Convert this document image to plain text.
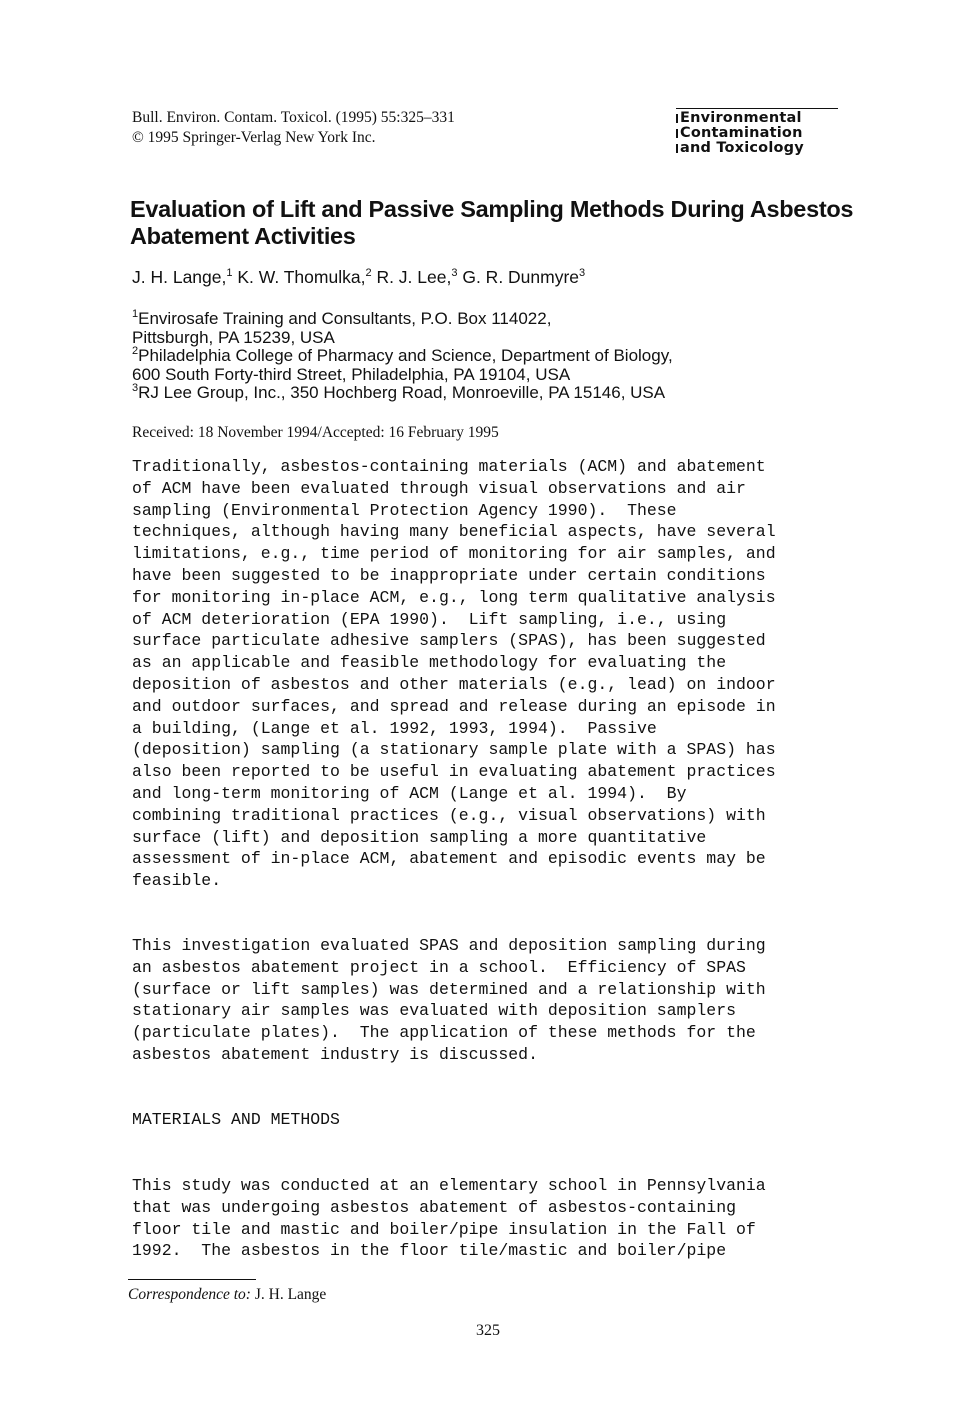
Bull. Environ. Contam. Toxicol. (1995) 55:325–331
© 1995 Springer-Verlag New York Inc.
Environmental
Contamination
and Toxicology
Evaluation of Lift and Passive Sampling Methods During Asbestos Abatement Activities
J. H. Lange,$^1$ K. W. Thomulka,$^2$ R. J. Lee,$^3$ G. R. Dunmyre$^3$
$^1$Envirosafe Training and Consultants, P.O. Box 114022,
Pittsburgh, PA 15239, USA
$^2$Philadelphia College of Pharmacy and Science, Department of Biology,
600 South Forty-third Street, Philadelphia, PA 19104, USA
$^3$RJ Lee Group, Inc., 350 Hochberg Road, Monroeville, PA 15146, USA
Received: 18 November 1994/Accepted: 16 February 1995
Traditionally, asbestos-containing materials (ACM) and abatement
of ACM have been evaluated through visual observations and air
sampling (Environmental Protection Agency 1990).  These
techniques, although having many beneficial aspects, have several
limitations, e.g., time period of monitoring for air samples, and
have been suggested to be inappropriate under certain conditions
for monitoring in-place ACM, e.g., long term qualitative analysis
of ACM deterioration (EPA 1990).  Lift sampling, i.e., using
surface particulate adhesive samplers (SPAS), has been suggested
as an applicable and feasible methodology for evaluating the
deposition of asbestos and other materials (e.g., lead) on indoor
and outdoor surfaces, and spread and release during an episode in
a building, (Lange et al. 1992, 1993, 1994).  Passive
(deposition) sampling (a stationary sample plate with a SPAS) has
also been reported to be useful in evaluating abatement practices
and long-term monitoring of ACM (Lange et al. 1994).  By
combining traditional practices (e.g., visual observations) with
surface (lift) and deposition sampling a more quantitative
assessment of in-place ACM, abatement and episodic events may be
feasible.
This investigation evaluated SPAS and deposition sampling during
an asbestos abatement project in a school.  Efficiency of SPAS
(surface or lift samples) was determined and a relationship with
stationary air samples was evaluated with deposition samplers
(particulate plates).  The application of these methods for the
asbestos abatement industry is discussed.
MATERIALS AND METHODS
This study was conducted at an elementary school in Pennsylvania
that was undergoing asbestos abatement of asbestos-containing
floor tile and mastic and boiler/pipe insulation in the Fall of
1992.  The asbestos in the floor tile/mastic and boiler/pipe
Correspondence to: J. H. Lange
325
